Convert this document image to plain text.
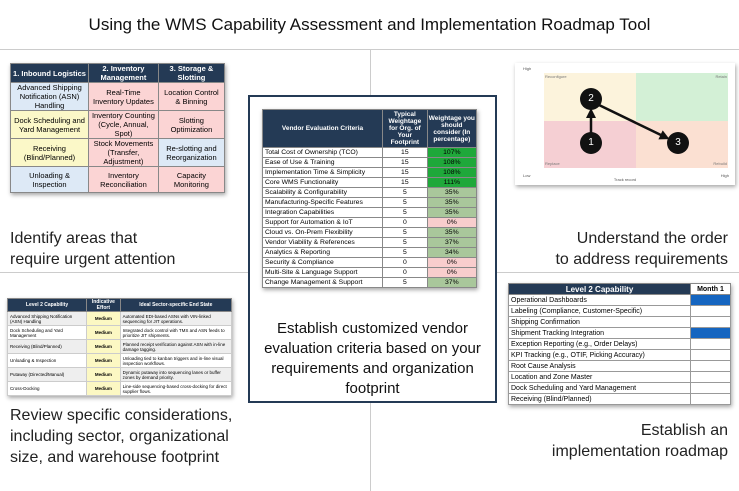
Using the WMS Capability Assessment and Implementation Roadmap Tool
1. Inbound Logistics	2. Inventory Management	3. Storage & Slotting
Advanced Shipping Notification (ASN) Handling	Real-Time Inventory Updates	Location Control & Binning
Dock Scheduling and Yard Management	Inventory Counting (Cycle, Annual, Spot)	Slotting Optimization
Receiving (Blind/Planned)	Stock Movements (Transfer, Adjustment)	Re-slotting and Reorganization
Unloading & Inspection	Inventory Reconciliation	Capacity Monitoring
Identify areas that
require urgent attention
High
Low	High
Track record
Reconfigure	Retain
Replace	Rebuild
1
2
3
Understand the order
to address requirements
Level 2 Capability	Indicative Effort	Ideal Sector-specific End State
Advanced Shipping Notification (ASN) Handling	Medium	Automated EDI-based ASNs with VIN-linked sequencing for JIT operations.
Dock Scheduling and Yard Management	Medium	Integrated dock control with TMS and ASN feeds to prioritize JIT shipments.
Receiving (Blind/Planned)	Medium	Planned receipt verification against ASN with in-line damage tagging.
Unloading & Inspection	Medium	Unloading tied to kanban triggers and in-line visual inspection workflows.
Putaway (Directed/Manual)	Medium	Dynamic putaway into sequencing lanes or buffer zones by demand priority.
Cross-Docking	Medium	Line-side sequencing-based cross-docking for direct supplier flows.
Review specific considerations, including sector, organizational size, and warehouse footprint
Level 2 Capability	Month 1
Operational Dashboards	
Labeling (Compliance, Customer-Specific)	
Shipping Confirmation	
Shipment Tracking Integration	
Exception Reporting (e.g., Order Delays)	
KPI Tracking (e.g., OTIF, Picking Accuracy)	
Root Cause Analysis	
Location and Zone Master	
Dock Scheduling and Yard Management	
Receiving (Blind/Planned)	
Establish an
implementation roadmap
Vendor Evaluation Criteria	Typical Weightage for Org. of Your Footprint	Weightage you should consider (In percentage)
Total Cost of Ownership (TCO)	15	107%
Ease of Use & Training	15	108%
Implementation Time & Simplicity	15	108%
Core WMS Functionality	15	111%
Scalability & Configurability	5	35%
Manufacturing-Specific Features	5	35%
Integration Capabilities	5	35%
Support for Automation & IoT	0	0%
Cloud vs. On-Prem Flexibility	5	35%
Vendor Viability & References	5	37%
Analytics & Reporting	5	34%
Security & Compliance	0	0%
Multi-Site & Language Support	0	0%
Change Management & Support	5	37%
Establish customized vendor evaluation criteria based on your requirements and organization footprint
